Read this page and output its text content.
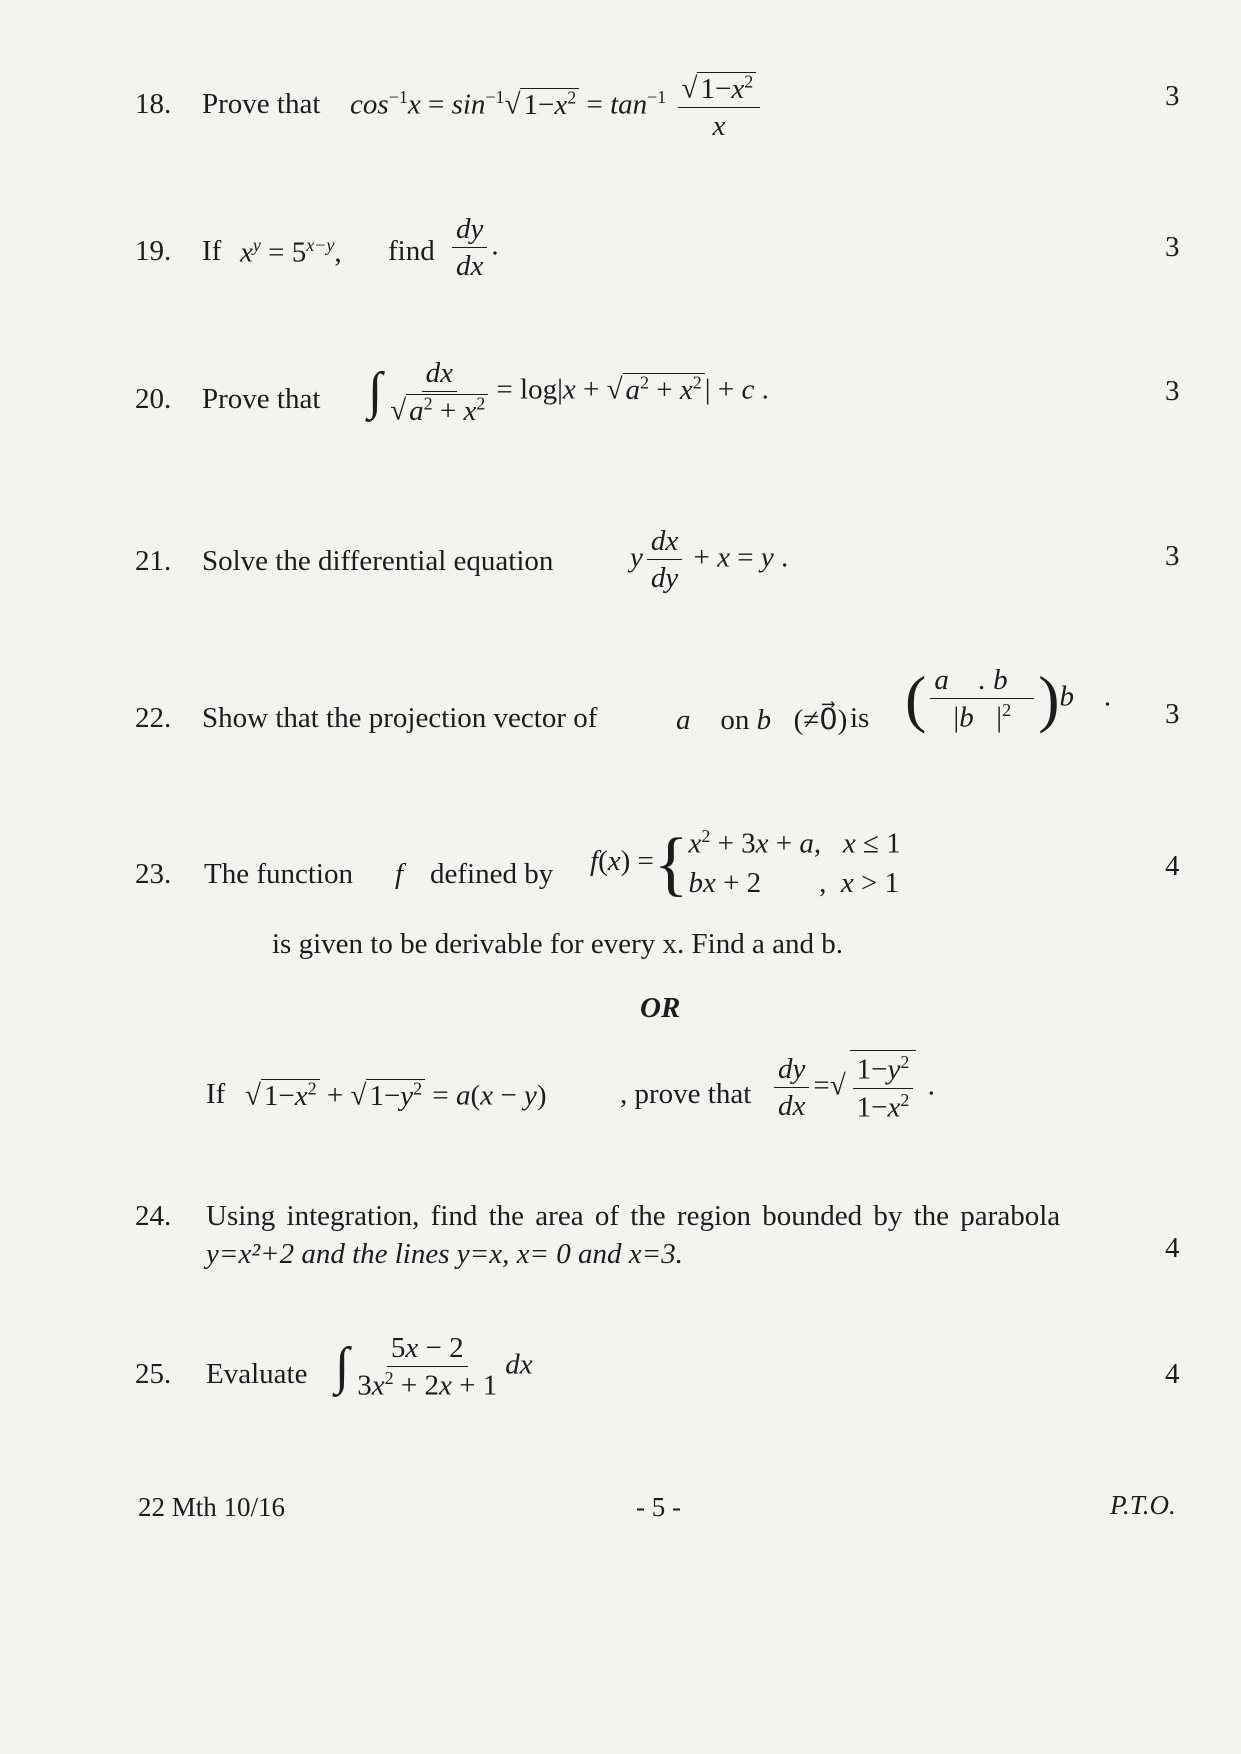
18. Prove that $\cos^{-1}x = \sin^{-1}√$ $1-x^2 = \tan^{-1} \frac{√ 1-x^2}{x}$	3
19. If $x^y = 5^{x-y}$, find $\frac{dy}{dx}$ .	3
20. Prove that ∫ $\frac{dx}{√ a^2 + x^2} = \log|x$ + √ $a^2 + x^2$ | + c .	3
21. Solve the differential equation	y $\frac{dx}{dy} + x = y$ .	3
22. Show that the projection vector of	a⃗ on b⃗(≠0⃗) is ( $\frac{a⃗ . b⃗}{|b⃗|^2}$ )b⃗ .
3
23. The function f defined by f(x) ={ $x^2 + 3x + a$,   x ≤ 1
bx + 2        ,  x > 1
is given to be derivable for every x. Find a and b.
OR
If √ $1-x^2$ + √ $1-y^2 = a(x - y)$	, prove that $\frac{dy}{dx}$ =√ $\frac{1-y^2}{1-x^2}$ .
4
24. Using integration, find the area of the region bounded by the parabola
y=x²+2 and the lines y=x, x= 0 and x=3.	4
25. Evaluate ∫ $\frac{5x - 2}{3x^2 + 2x + 1}$ dx	4
22 Mth 10/16	- 5 -	P.T.O.
